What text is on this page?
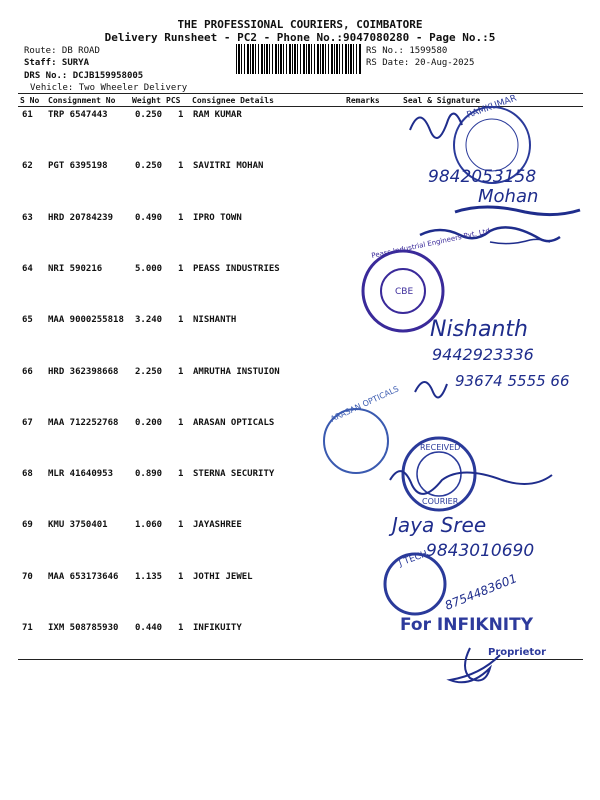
THE PROFESSIONAL COURIERS, COIMBATORE
Delivery Runsheet - PC2 - Phone No.:9047080280 - Page No.:5
Route: DB ROAD
Staff: SURYA
DRS No.: DCJB159958005
Vehicle: Two Wheeler Delivery
RS No.: 1599580
RS Date: 20-Aug-2025
S No Consignment No Weight PCS Consignee Details	Remarks	Seal & Signature
61 TRP 6547443	0.250 1 RAM KUMAR
62 PGT 6395198	0.250 1 SAVITRI MOHAN
63 HRD 20784239 0.490 1 IPRO TOWN
64 NRI 590216	5.000 1 PEASS INDUSTRIES
65 MAA 9000255818 3.240 1 NISHANTH
66 HRD 362398668 2.250 1 AMRUTHA INSTUION
67 MAA 712252768 0.200 1 ARASAN OPTICALS
68 MLR 41640953 0.890 1 STERNA SECURITY
69 KMU 3750401	1.060 1 JAYASHREE
70 MAA 653173646 1.135 1 JOTHI JEWEL
71 IXM 508785930 0.440 1 INFIKUITY
RAMKUMAR
9842053158
Mohan
Peass Industrial Engineers Pvt. Ltd
CBE
Nishanth
9442923336
93674 5555 66
ARASAN OPTICALS
RECEIVED
COURIER
Jaya Sree
9843010690
J TECH
8754483601
For INFIKNITY
Proprietor
